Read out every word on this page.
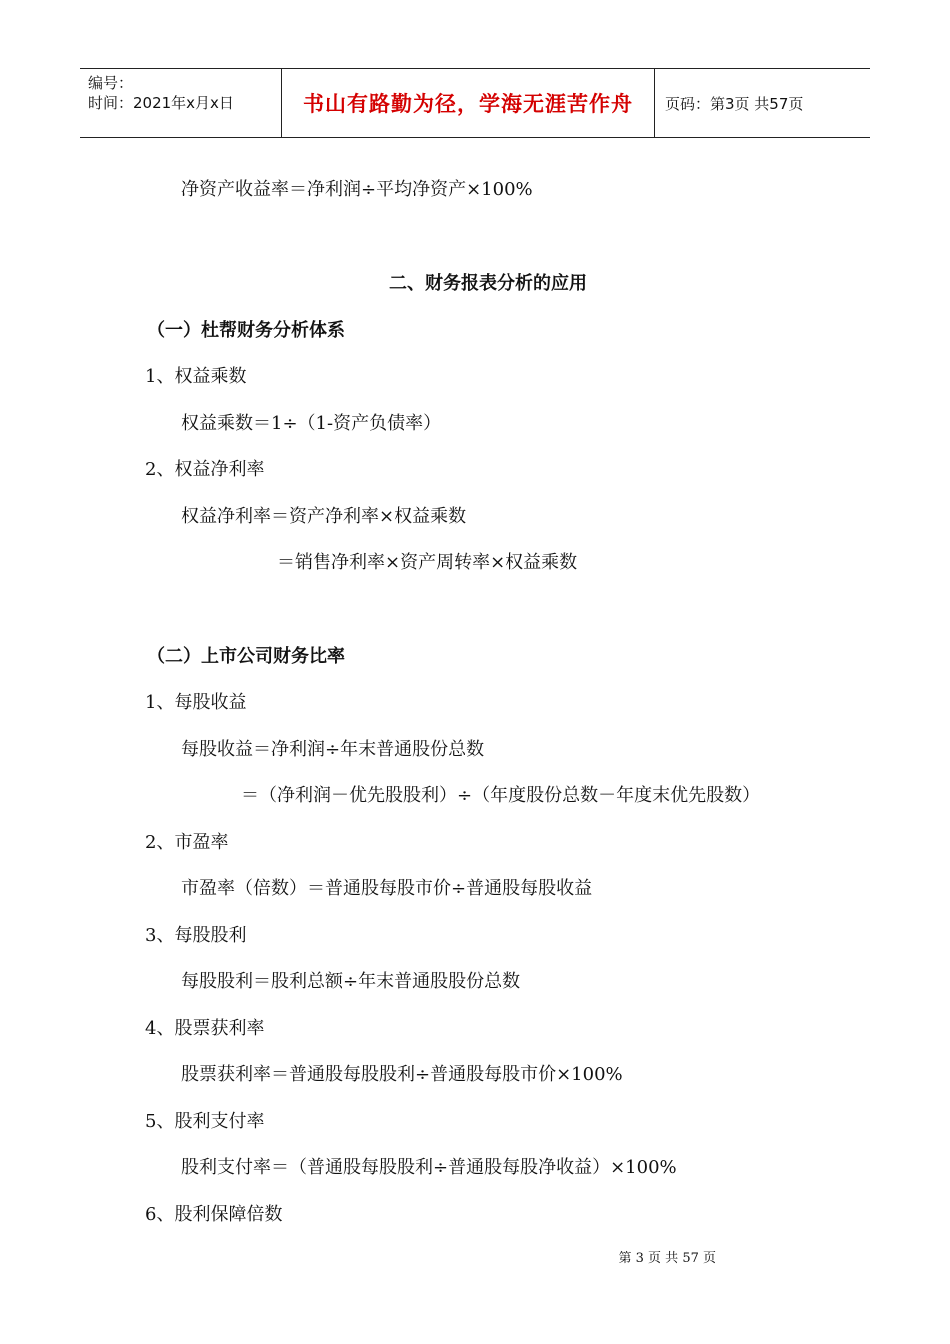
编号：
时间：2021年x月x日	书山有路勤为径，学海无涯苦作舟 页码：第3页 共57页
净资产收益率＝净利润÷平均净资产×100%
二、财务报表分析的应用
（一）杜帮财务分析体系
1、权益乘数
权益乘数＝1÷（1-资产负债率）
2、权益净利率
权益净利率＝资产净利率×权益乘数
＝销售净利率×资产周转率×权益乘数
（二）上市公司财务比率
1、每股收益
每股收益＝净利润÷年末普通股份总数
＝（净利润－优先股股利）÷（年度股份总数－年度末优先股数）
2、市盈率
市盈率（倍数）＝普通股每股市价÷普通股每股收益
3、每股股利
每股股利＝股利总额÷年末普通股股份总数
4、股票获利率
股票获利率＝普通股每股股利÷普通股每股市价×100%
5、股利支付率
股利支付率＝（普通股每股股利÷普通股每股净收益）×100%
6、股利保障倍数
第 3 页 共 57 页
